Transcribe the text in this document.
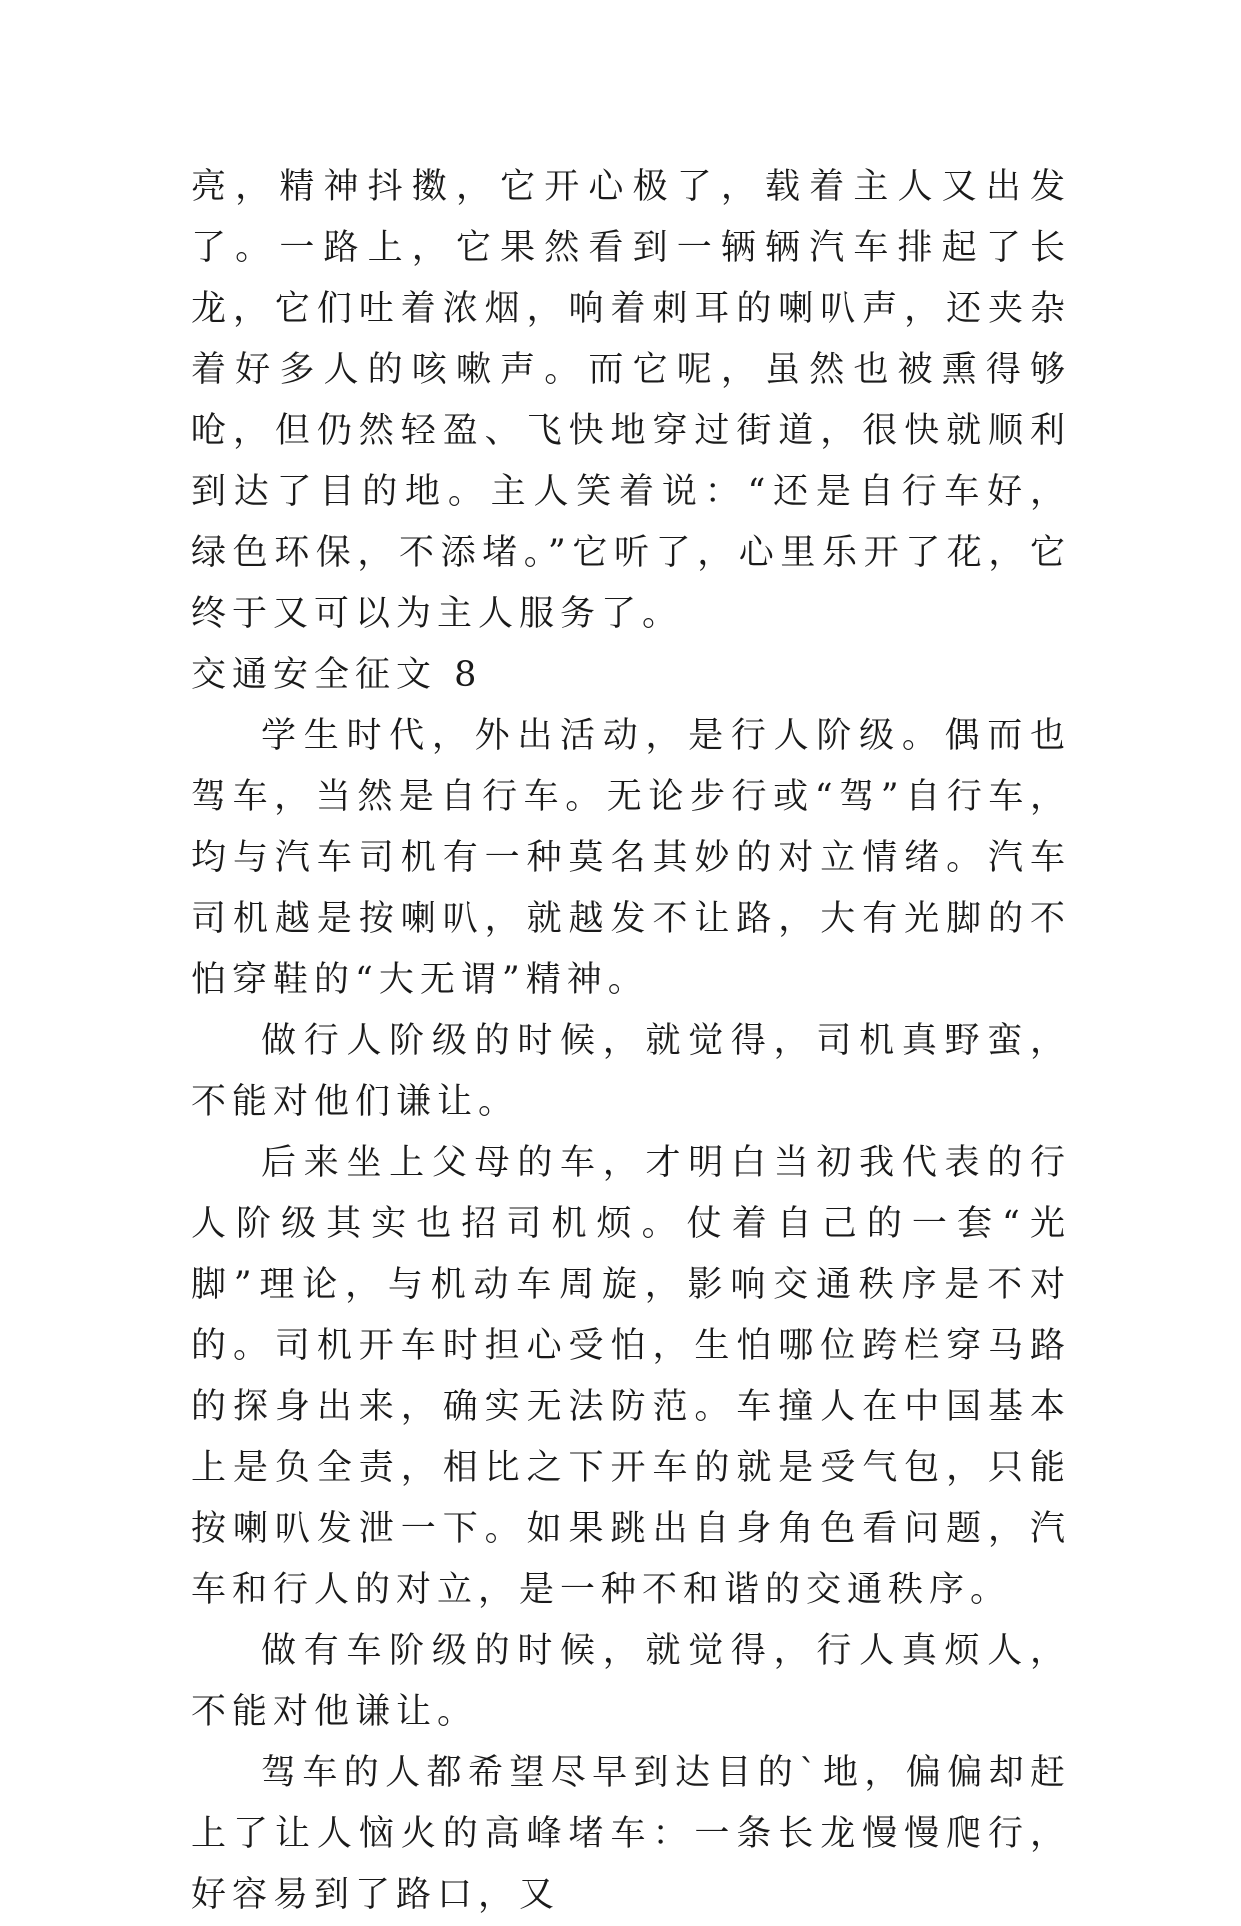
亮，精神抖擞，它开心极了，载着主人又出发了。一路上，它果然看到一辆辆汽车排起了长龙，它们吐着浓烟，响着刺耳的喇叭声，还夹杂着好多人的咳嗽声。而它呢，虽然也被熏得够呛，但仍然轻盈、飞快地穿过街道，很快就顺利到达了目的地。主人笑着说：“还是自行车好，绿色环保，不添堵。”它听了，心里乐开了花，它终于又可以为主人服务了。

交通安全征文 8

学生时代，外出活动，是行人阶级。偶而也驾车，当然是自行车。无论步行或“驾”自行车，均与汽车司机有一种莫名其妙的对立情绪。汽车司机越是按喇叭，就越发不让路，大有光脚的不怕穿鞋的“大无谓”精神。

做行人阶级的时候，就觉得，司机真野蛮，不能对他们谦让。

后来坐上父母的车，才明白当初我代表的行人阶级其实也招司机烦。仗着自己的一套“光脚”理论，与机动车周旋，影响交通秩序是不对的。司机开车时担心受怕，生怕哪位跨栏穿马路的探身出来，确实无法防范。车撞人在中国基本上是负全责，相比之下开车的就是受气包，只能按喇叭发泄一下。如果跳出自身角色看问题，汽车和行人的对立，是一种不和谐的交通秩序。

做有车阶级的时候，就觉得，行人真烦人，不能对他谦让。

驾车的人都希望尽早到达目的`地，偏偏却赶上了让人恼火的高峰堵车：一条长龙慢慢爬行，好容易到了路口，又
